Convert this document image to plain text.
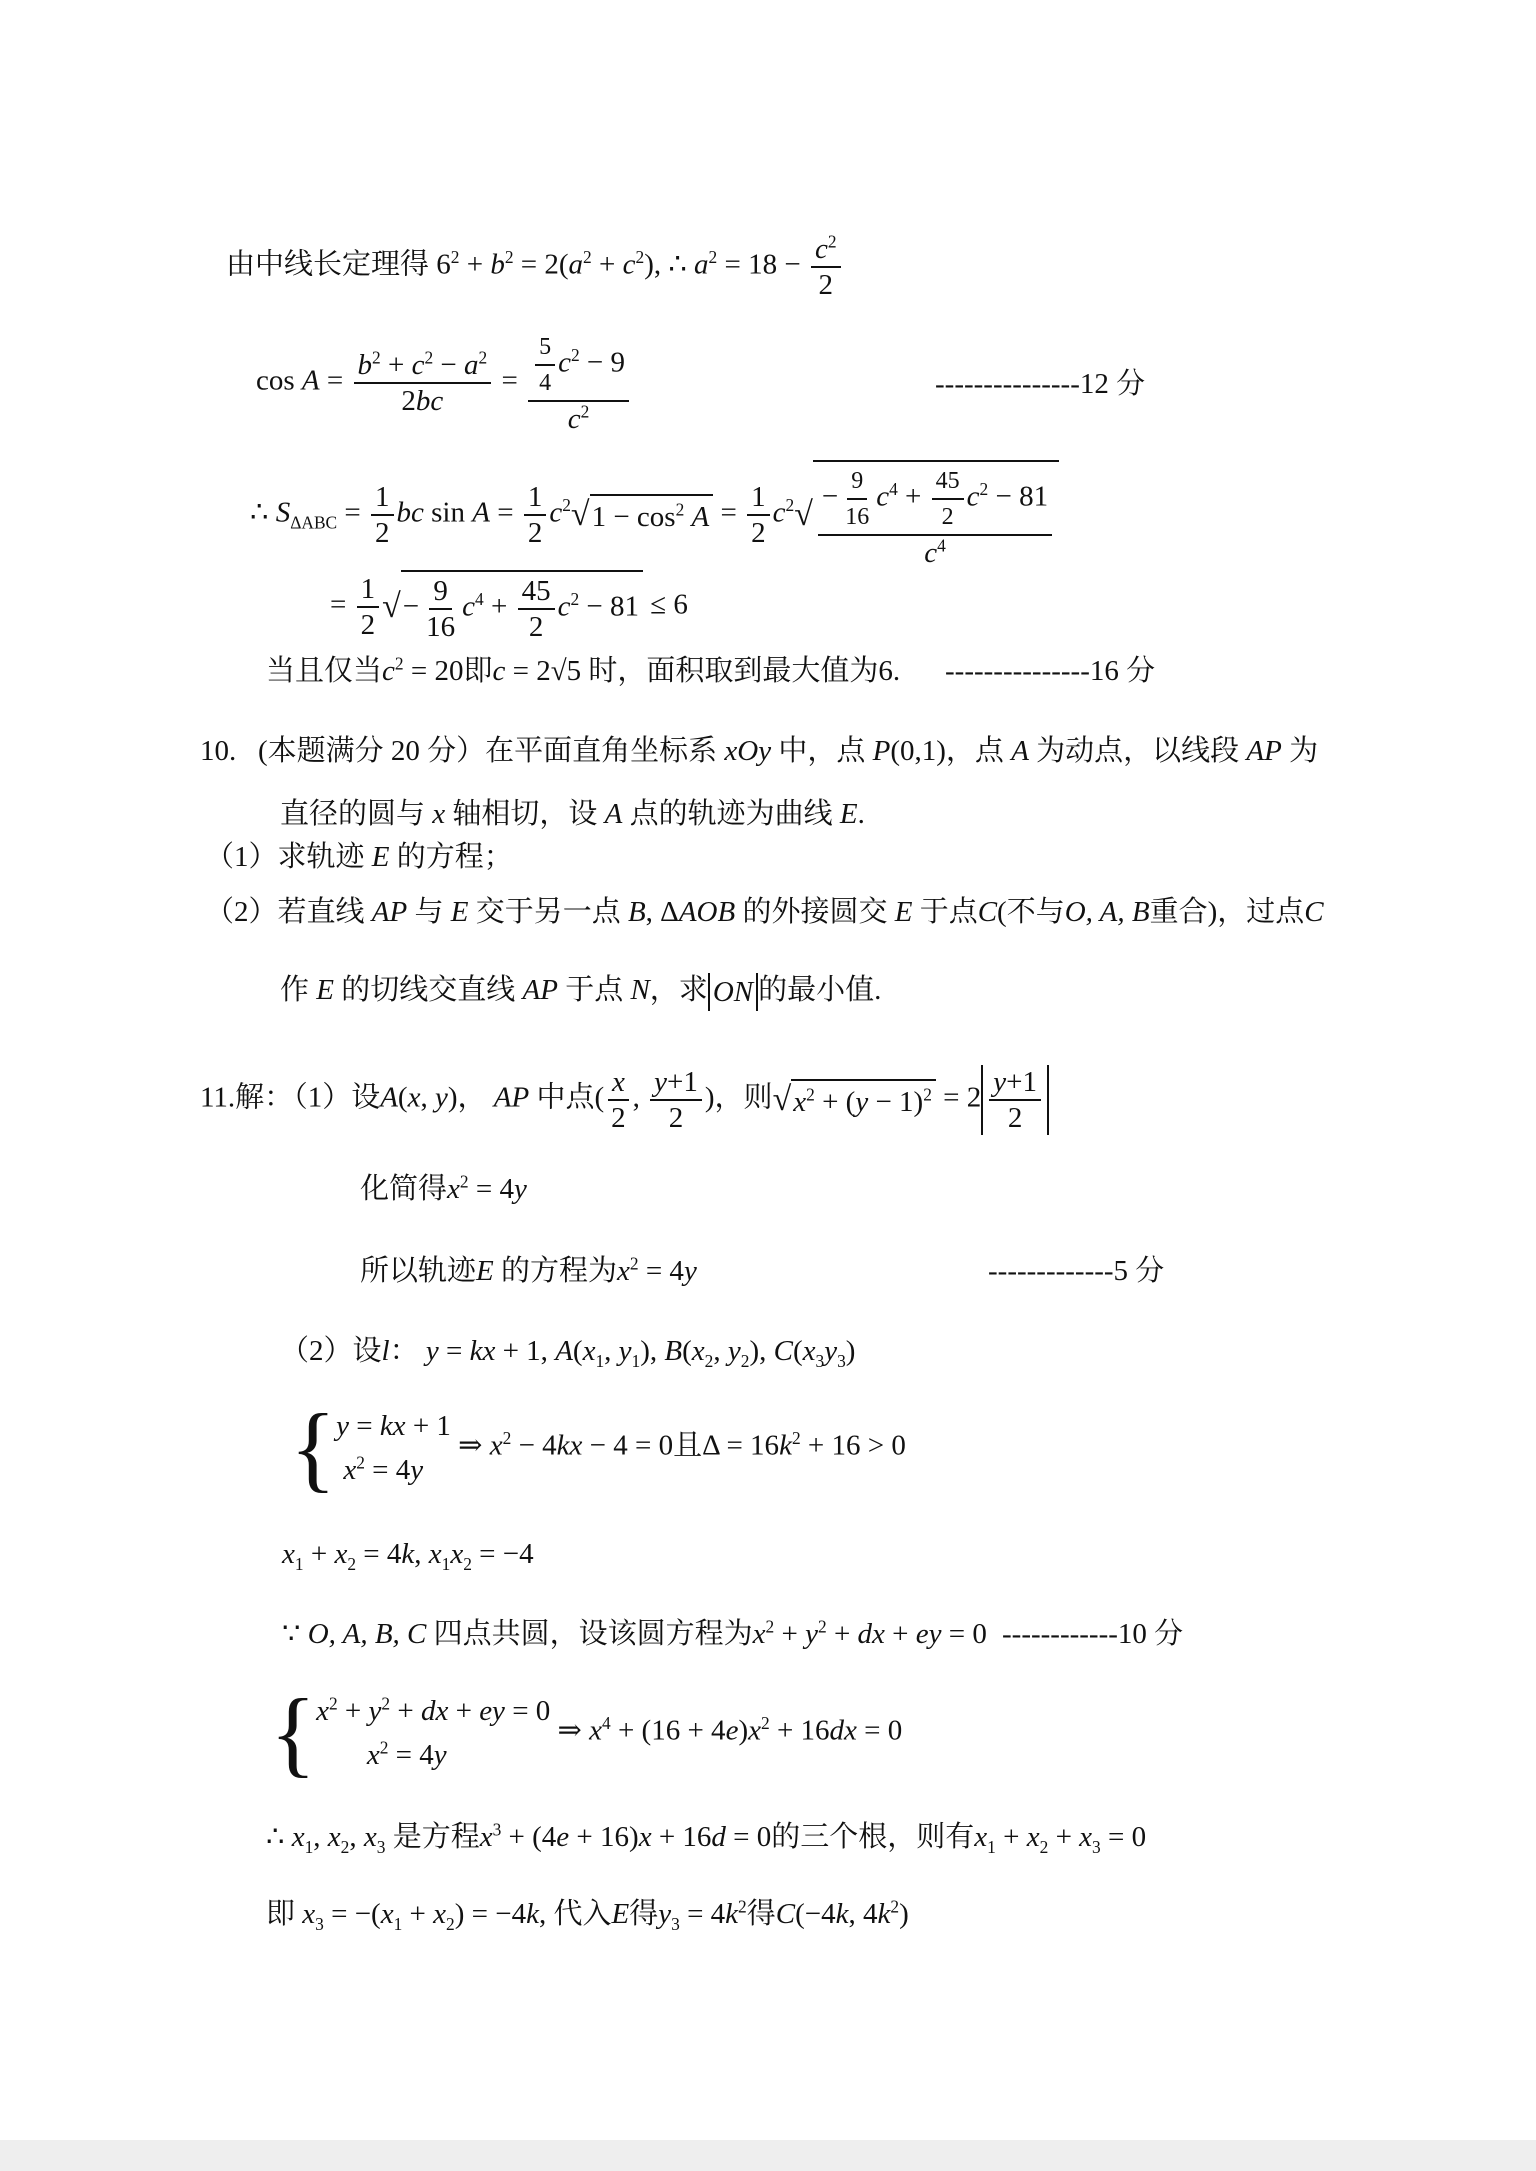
由中线长定理得 $6^2 + b^2 = 2(a^2 + c^2)$, ∴ $a^2 = 18 - \frac{c^2}{2}$
$\cos A = \frac{b^2 + c^2 - a^2}{2bc} = \frac{\frac{5}{4} c^2 - 9}{c^2}$	---------------12 分
∴ $S_{\Delta ABC} = \frac{1}{2}$ bc $\sin A = \frac{1}{2} c^2√1 - \cos^2 A = \frac{1}{2} c^2√ \frac{- \frac{9}{16} c^4 + \frac{45}{2} c^2 - 81}{c^4}$
= $\frac{1}{2}$ √− $\frac{9}{16} c^4 + \frac{45}{2} c^2 - 81 \le 6$
当且仅当$c^2 = 20$即c = 2√5 时，面积取到最大值为6. ---------------16 分
10. (本题满分 20 分）在平面直角坐标系 xOy 中，点 P(0,1)，点 A 为动点，以线段 AP 为
直径的圆与 x 轴相切，设 A 点的轨迹为曲线 E.
（1）求轨迹 E 的方程；
（2）若直线 AP 与 E 交于另一点 B, ΔAOB 的外接圆交 E 于点C(不与O, A, B重合)，过点C
作 E 的切线交直线 AP 于点 N，求 ON 的最小值.
11.解：（1）设A(x, y)， AP 中点( $\frac{x}{2}$ , $\frac{y+1}{2}$ )，则$√x^2 + (y - 1)^2 = 2 \frac{y+1}{2}$
化简得$x^2 = 4y$
所以轨迹E 的方程为$x^2 = 4y$	-------------5 分
（2）设l： y = kx + 1, $A(x_1$, $y_1$), $B(x_2$, $y_2$), $C(x_3y_3)$
{ y = kx + 1
$x^2 = 4y$
⇒ $x^2 - 4kx - 4 = 0$且$\Delta = 16k^2 + 16 > 0$
$x_1 + x_2 = 4k$, $x_1x_2 = -4$
∵ O, A, B, C 四点共圆，设该圆方程为$x^2 + y^2$ + dx + ey = 0 ------------10 分
{ $x^2 + y^2$ + dx + ey = 0
$x^2 = 4y$
⇒ $x^4 + (16 + 4e)x^2 + 16dx = 0$
∴ $x_1$, $x_2$, $x_3$ 是方程$x^3 + (4e + 16)x + 16d = 0$的三个根，则有$x_1 + x_2 + x_3 = 0$
即 $x_3 = -(x_1 + x_2) = -4k$, 代入E得$y_3 = 4k^2$得C(−4k, $4k^2$)
